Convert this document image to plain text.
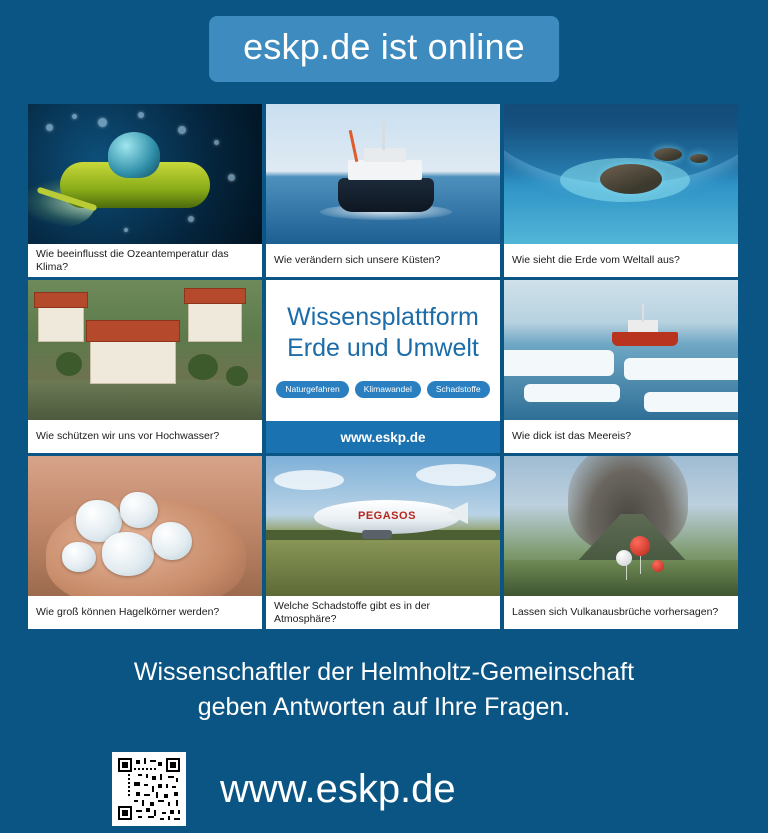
eskp.de ist online
Wie beeinflusst die Ozeantemperatur das Klima?
Wie verändern sich unsere Küsten?	Wie sieht die Erde vom Weltall aus?
Wie schützen wir uns vor Hochwasser?
Wissensplattform
Erde und Umwelt
Naturgefahren	Klimawandel	Schadstoffe
www.eskp.de	Wie dick ist das Meereis?
Wie groß können Hagelkörner werden?
PEGASOS
Welche Schadstoffe gibt es in der Atmosphäre?
Lassen sich Vulkanausbrüche vorhersagen?
Wissenschaftler der Helmholtz-Gemeinschaft
geben Antworten auf Ihre Fragen.
www.eskp.de
